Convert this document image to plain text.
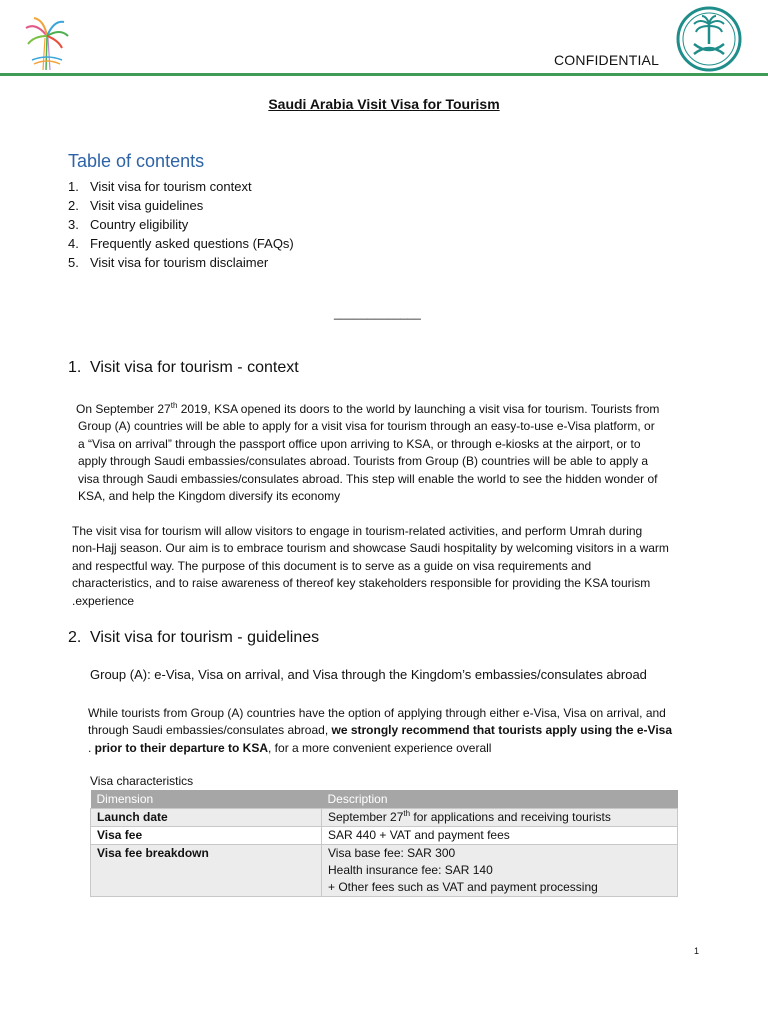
CONFIDENTIAL
Saudi Arabia Visit Visa for Tourism
Table of contents
1. Visit visa for tourism context
2. Visit visa guidelines
3. Country eligibility
4. Frequently asked questions (FAQs)
5. Visit visa for tourism disclaimer
_____________
1. Visit visa for tourism - context
On September 27th 2019, KSA opened its doors to the world by launching a visit visa for tourism. Tourists from
Group (A) countries will be able to apply for a visit visa for tourism through an easy-to-use e-Visa platform, or
a “Visa on arrival” through the passport office upon arriving to KSA, or through e-kiosks at the airport, or to
apply through Saudi embassies/consulates abroad. Tourists from Group (B) countries will be able to apply a
visa through Saudi embassies/consulates abroad. This step will enable the world to see the hidden wonder of
KSA, and help the Kingdom diversify its economy
The visit visa for tourism will allow visitors to engage in tourism-related activities, and perform Umrah during
non-Hajj season. Our aim is to embrace tourism and showcase Saudi hospitality by welcoming visitors in a warm
and respectful way. The purpose of this document is to serve as a guide on visa requirements and
characteristics, and to raise awareness of thereof key stakeholders responsible for providing the KSA tourism
.experience
2. Visit visa for tourism - guidelines
Group (A): e-Visa, Visa on arrival, and Visa through the Kingdom’s embassies/consulates abroad
While tourists from Group (A) countries have the option of applying through either e-Visa, Visa on arrival, and
through Saudi embassies/consulates abroad, we strongly recommend that tourists apply using the e-Visa
. prior to their departure to KSA, for a more convenient experience overall
Visa characteristics
Dimension	Description
Launch date	September 27th for applications and receiving tourists
Visa fee	SAR 440 + VAT and payment fees
Visa fee breakdown	Visa base fee: SAR 300
Health insurance fee: SAR 140
+ Other fees such as VAT and payment processing
1
